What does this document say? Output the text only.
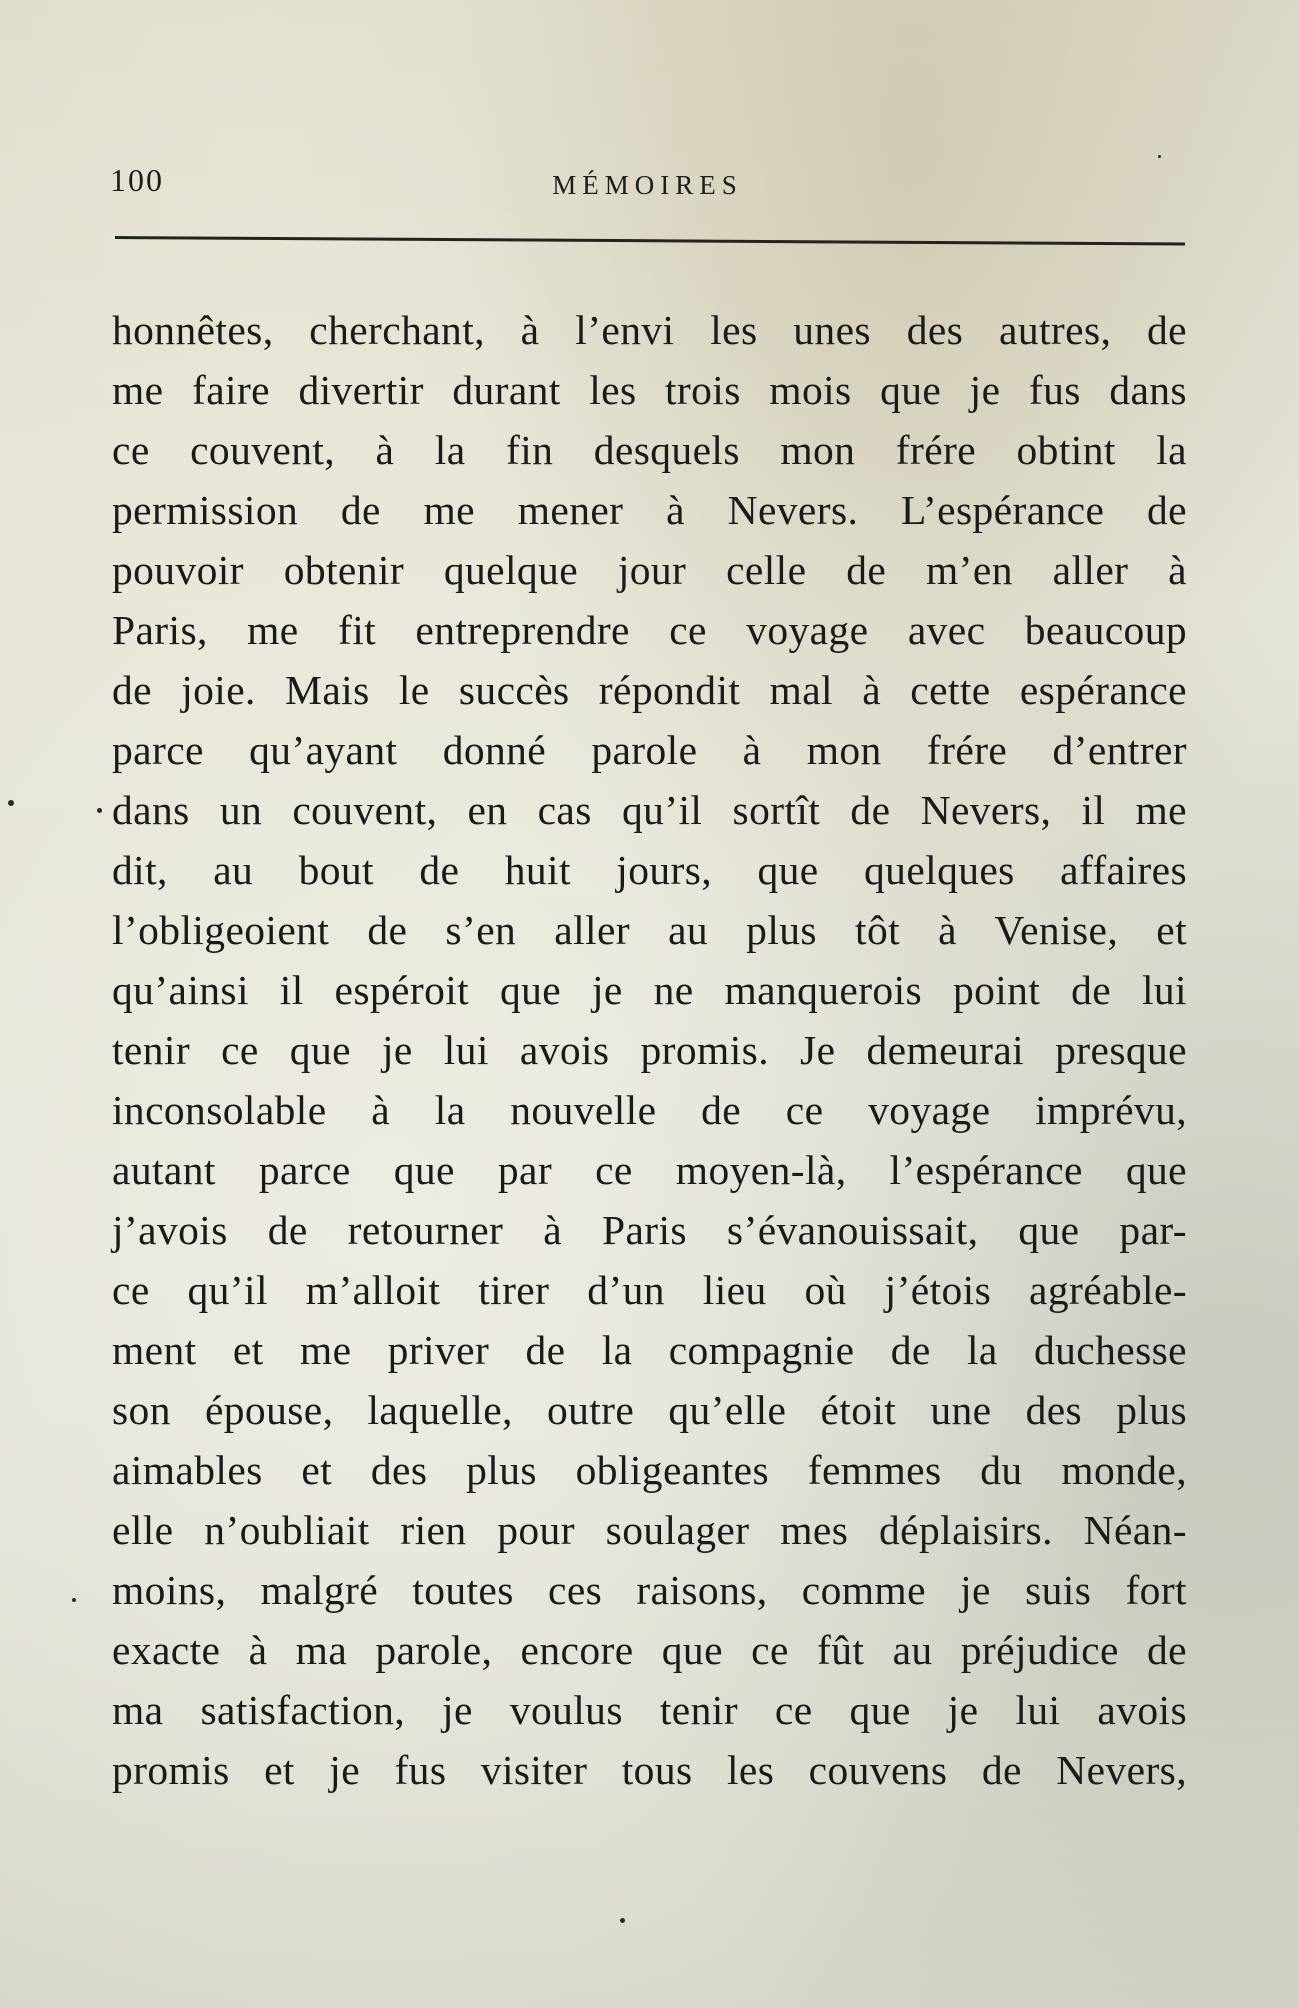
100	MÉMOIRES
honnêtes, cherchant, à l’envi les unes des autres, de
me faire divertir durant les trois mois que je fus dans
ce couvent, à la fin desquels mon frére obtint la
permission de me mener à Nevers. L’espérance de
pouvoir obtenir quelque jour celle de m’en aller à
Paris, me fit entreprendre ce voyage avec beaucoup
de joie. Mais le succès répondit mal à cette espérance
parce qu’ayant donné parole à mon frére d’entrer
dans un couvent, en cas qu’il sortît de Nevers, il me
dit, au bout de huit jours, que quelques affaires
l’obligeoient de s’en aller au plus tôt à Venise, et
qu’ainsi il espéroit que je ne manquerois point de lui
tenir ce que je lui avois promis. Je demeurai presque
inconsolable à la nouvelle de ce voyage imprévu,
autant parce que par ce moyen-là, l’espérance que
j’avois de retourner à Paris s’évanouissait, que par-
ce qu’il m’alloit tirer d’un lieu où j’étois agréable-
ment et me priver de la compagnie de la duchesse
son épouse, laquelle, outre qu’elle étoit une des plus
aimables et des plus obligeantes femmes du monde,
elle n’oubliait rien pour soulager mes déplaisirs. Néan-
moins, malgré toutes ces raisons, comme je suis fort
exacte à ma parole, encore que ce fût au préjudice de
ma satisfaction, je voulus tenir ce que je lui avois
promis et je fus visiter tous les couvens de Nevers,
